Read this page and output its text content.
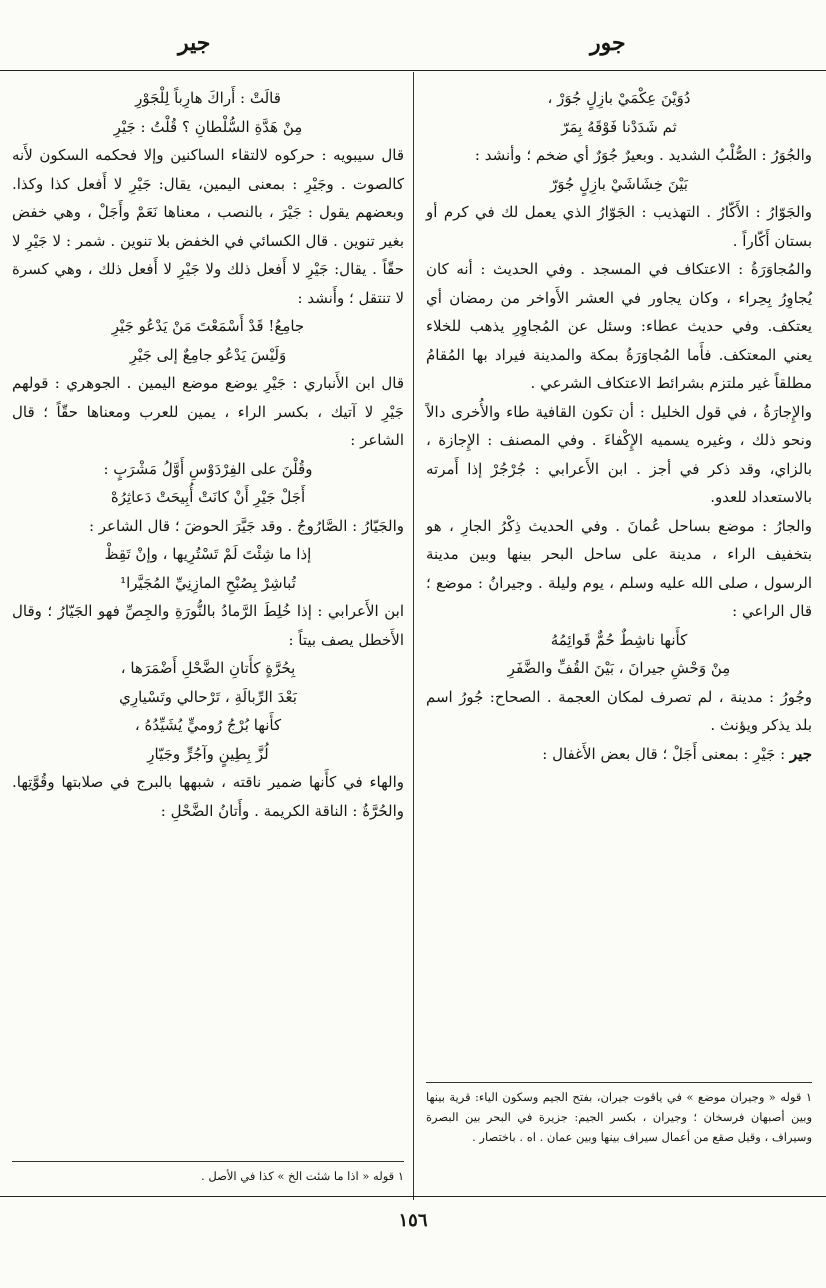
جور
جير

دُوَيْنَ عِكْمَيْ بازِلٍ جُوَرْ ،

ثم شَدَدْنا فَوْقَهُ بِمَرّ

والجُوَرُ : الصُّلْبُ الشديد . وبعيرٌ جُوَرٌ أي ضخم ؛ وأنشد :

بَيْنَ خِشَاشَيْ بازِلٍ جُوَرّ

والجَوّارُ : الأَكّارُ . التهذيب : الجَوّارُ الذي يعمل لك في كرم أو بستان أَكّاراً .

والمُجاوَرَةُ : الاعتكاف في المسجد . وفي الحديث : أنه كان يُجاوِرُ بِحِراء ، وكان يجاور في العشر الأَواخر من رمضان أي يعتكف. وفي حديث عطاء: وسئل عن المُجاوِرِ يذهب للخلاء يعني المعتكف. فأَما المُجاوَرَةُ بمكة والمدينة فيراد بها المُقامُ مطلقاً غير ملتزم بشرائط الاعتكاف الشرعي .

والإِجارَةُ ، في قول الخليل : أن تكون القافية طاء والأُخرى دالاً ونحو ذلك ، وغيره يسميه الإِكْفاءَ . وفي المصنف : الإِجازة ، بالزاي، وقد ذكر في أجز . ابن الأَعرابي : جُرْجُرْ إذا أَمرته بالاستعداد للعدو.

والجارُ : موضع بساحل عُمانَ . وفي الحديث ذِكْرُ الجارِ ، هو بتخفيف الراء ، مدينة على ساحل البحر بينها وبين مدينة الرسول ، صلى الله عليه وسلم ، يوم وليلة . وجيرانُ : موضع ؛ قال الراعي :

كأَنها ناشِطٌ حُمٌّ قَوائِمُهُ

مِنْ وَحْشِ جيرانَ ، بَيْنَ القُفِّ والضَّفَرِ

وجُورُ : مدينة ، لم تصرف لمكان العجمة . الصحاح: جُورُ اسم بلد يذكر ويؤنث .

جير : جَيْرِ : بمعنى أَجَلْ ؛ قال بعض الأَغفال :

١ قوله « وجيران موضع » في ياقوت جيران، بفتح الجيم وسكون الياء: قرية بينها وبين أصبهان فرسخان ؛ وجيران ، بكسر الجيم: جزيرة في البحر بين البصرة وسيراف ، وقيل صقع من أعمال سيراف بينها وبين عمان . اه . باختصار .

قالَتْ : أَراكَ هارِباً لِلْجَوْرِ

مِنْ هَدَّةِ السُّلْطانِ ؟ قُلْتُ : جَيْرِ

قال سيبويه : حركوه لالتقاء الساكنين وإلا فحكمه السكون لأَنه كالصوت . وجَيْرِ : بمعنى اليمين، يقال: جَيْرِ لا أَفعل كذا وكذا. وبعضهم يقول : جَيْرَ ، بالنصب ، معناها نَعَمْ وأَجَلْ ، وهي خفض بغير تنوين . قال الكسائي في الخفض بلا تنوين . شمر : لا جَيْرِ لا حقّاً . يقال: جَيْرِ لا أَفعل ذلك ولا جَيْرِ لا أَفعل ذلك ، وهي كسرة لا تنتقل ؛ وأَنشد :

جامِعُ! قَدْ أَسْمَعْتَ مَنْ يَدْعُو جَيْرِ

وَلَيْسَ يَدْعُو جامِعٌ إلى جَيْرِ

قال ابن الأَنباري : جَيْرِ يوضع موضع اليمين . الجوهري : قولهم جَيْرِ لا آتيك ، بكسر الراء ، يمين للعرب ومعناها حقّاً ؛ قال الشاعر :

وقُلْنَ على الفِرْدَوْسِ أَوَّلُ مَشْرَبٍ :

أَجَلْ جَيْرِ أَنْ كانَتْ أُبِيحَتْ دَعاثِرُهْ

والجَيّارُ : الصَّارُوجُ . وقد جَيَّرَ الحوضَ ؛ قال الشاعر :

إذا ما شِئْتَ لَمْ تَسْتُرِيها ، وإنْ تَقِظْ

تُباشِرْ بِصُبْحِ المازِنِيِّ المُجَيَّرا¹

ابن الأَعرابي : إذا خُلِطَ الرَّمادُ بالنُّورَةِ والجِصِّ فهو الجَيّارُ ؛ وقال الأَخطل يصف بيتاً :

بِحُرَّةٍ كأَتانِ الضَّحْلِ أَضْمَرَها ،

بَعْدَ الرِّبالَةِ ، تَرْحالي وتَسْيارِي

كأَنها بُرْجُ رُوميٍّ يُشَيِّدُهُ ،

لُزَّ بِطِينٍ وآجُرٍّ وجَيّارِ

والهاء في كأَنها ضمير ناقته ، شبهها بالبرج في صلابتها وقُوَّتِها. والحُرَّةُ : الناقة الكريمة . وأَتانُ الضَّحْلِ :

١ قوله « اذا ما شئت الخ » كذا في الأصل .
١٥٦
